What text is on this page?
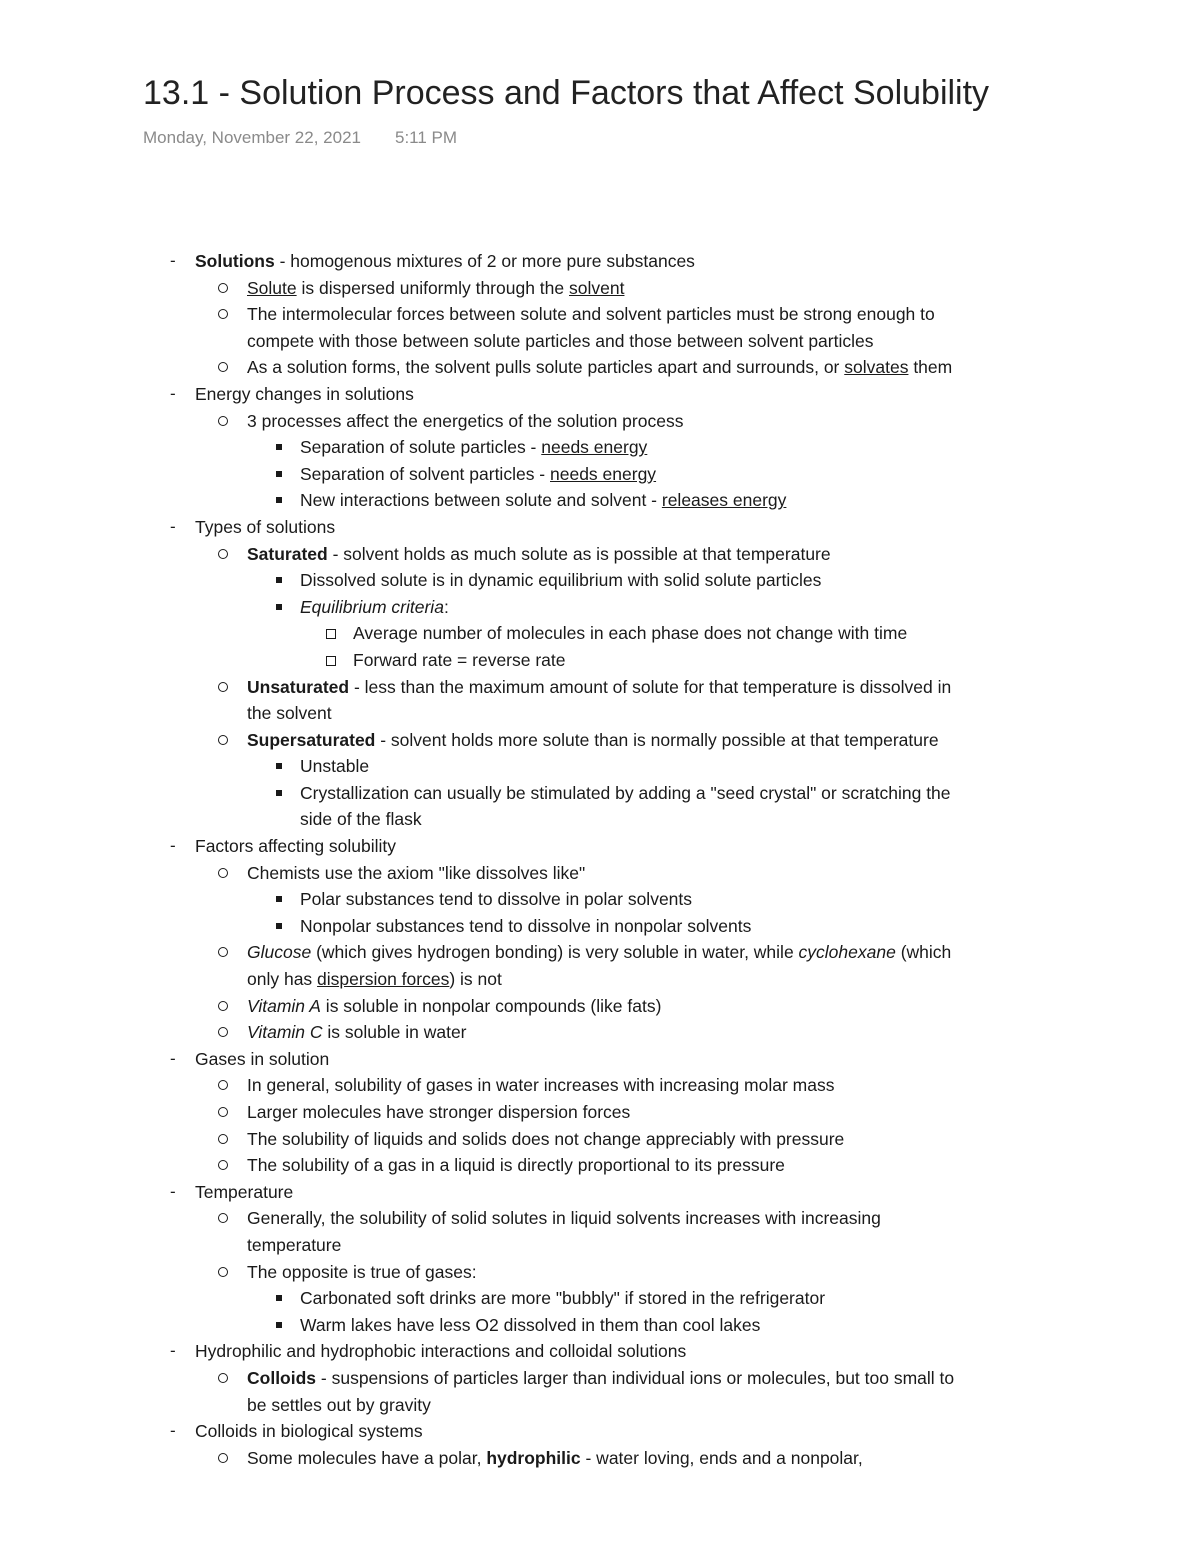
13.1 - Solution Process and Factors that Affect Solubility
Monday, November 22, 2021 5:11 PM
- Solutions - homogenous mixtures of 2 or more pure substances
Solute is dispersed uniformly through the solvent
The intermolecular forces between solute and solvent particles must be strong enough to
compete with those between solute particles and those between solvent particles
As a solution forms, the solvent pulls solute particles apart and surrounds, or solvates them
- Energy changes in solutions
3 processes affect the energetics of the solution process
Separation of solute particles - needs energy
Separation of solvent particles - needs energy
New interactions between solute and solvent - releases energy
- Types of solutions
Saturated - solvent holds as much solute as is possible at that temperature
Dissolved solute is in dynamic equilibrium with solid solute particles
Equilibrium criteria:
Average number of molecules in each phase does not change with time
Forward rate = reverse rate
Unsaturated - less than the maximum amount of solute for that temperature is dissolved in
the solvent
Supersaturated - solvent holds more solute than is normally possible at that temperature
Unstable
Crystallization can usually be stimulated by adding a "seed crystal" or scratching the
side of the flask
- Factors affecting solubility
Chemists use the axiom "like dissolves like"
Polar substances tend to dissolve in polar solvents
Nonpolar substances tend to dissolve in nonpolar solvents
Glucose (which gives hydrogen bonding) is very soluble in water, while cyclohexane (which
only has dispersion forces) is not
Vitamin A is soluble in nonpolar compounds (like fats)
Vitamin C is soluble in water
- Gases in solution
In general, solubility of gases in water increases with increasing molar mass
Larger molecules have stronger dispersion forces
The solubility of liquids and solids does not change appreciably with pressure
The solubility of a gas in a liquid is directly proportional to its pressure
- Temperature
Generally, the solubility of solid solutes in liquid solvents increases with increasing
temperature
The opposite is true of gases:
Carbonated soft drinks are more "bubbly" if stored in the refrigerator
Warm lakes have less O2 dissolved in them than cool lakes
- Hydrophilic and hydrophobic interactions and colloidal solutions
Colloids - suspensions of particles larger than individual ions or molecules, but too small to
be settles out by gravity
- Colloids in biological systems
Some molecules have a polar, hydrophilic - water loving, ends and a nonpolar,
